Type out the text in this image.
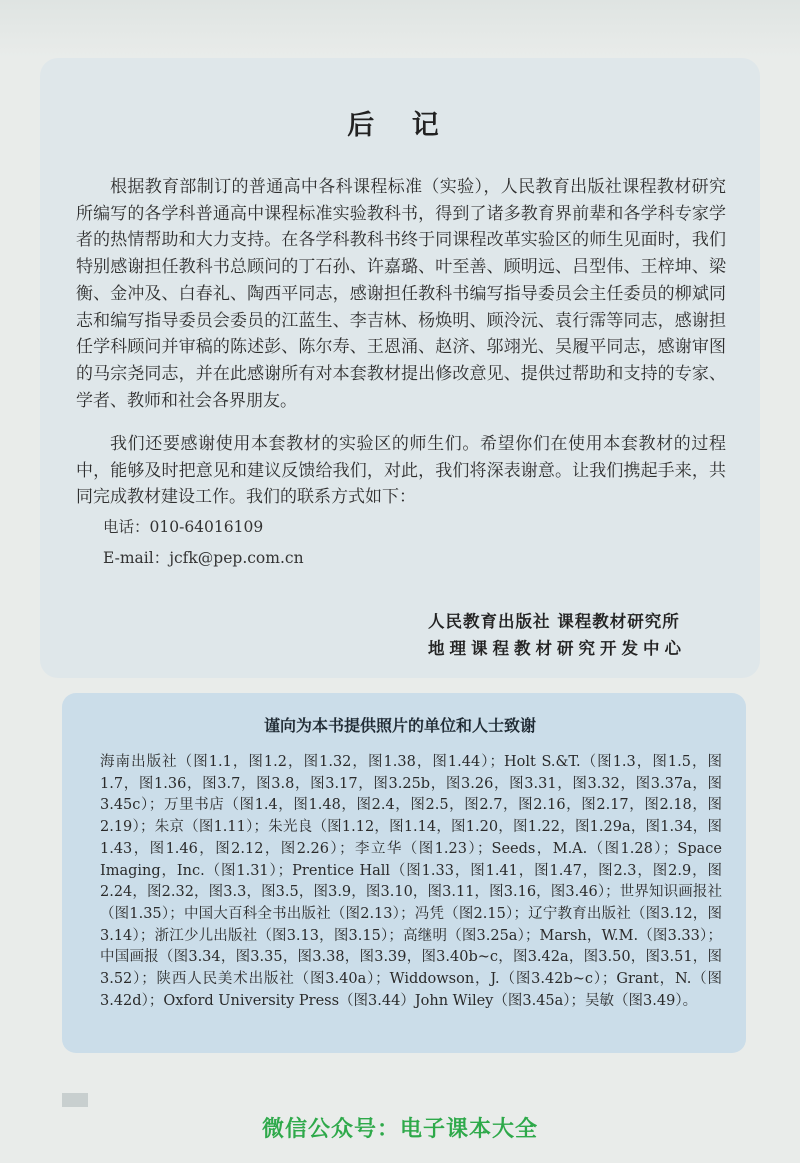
后 记

根据教育部制订的普通高中各科课程标准（实验），人民教育出版社课程教材研究所编写的各学科普通高中课程标准实验教科书，得到了诸多教育界前辈和各学科专家学者的热情帮助和大力支持。在各学科教科书终于同课程改革实验区的师生见面时，我们特别感谢担任教科书总顾问的丁石孙、许嘉璐、叶至善、顾明远、吕型伟、王梓坤、梁衡、金冲及、白春礼、陶西平同志，感谢担任教科书编写指导委员会主任委员的柳斌同志和编写指导委员会委员的江蓝生、李吉林、杨焕明、顾泠沅、袁行霈等同志，感谢担任学科顾问并审稿的陈述彭、陈尔寿、王恩涌、赵济、邬翊光、吴履平同志，感谢审图的马宗尧同志，并在此感谢所有对本套教材提出修改意见、提供过帮助和支持的专家、学者、教师和社会各界朋友。

我们还要感谢使用本套教材的实验区的师生们。希望你们在使用本套教材的过程中，能够及时把意见和建议反馈给我们，对此，我们将深表谢意。让我们携起手来，共同完成教材建设工作。我们的联系方式如下：

电话：010-64016109
E-mail：jcfk@pep.com.cn
人民教育出版社 课程教材研究所
地理课程教材研究开发中心
谨向为本书提供照片的单位和人士致谢

海南出版社（图1.1，图1.2，图1.32，图1.38，图1.44）；Holt S.&T.（图1.3，图1.5，图1.7，图1.36，图3.7，图3.8，图3.17，图3.25b，图3.26，图3.31，图3.32，图3.37a，图3.45c）；万里书店（图1.4，图1.48，图2.4，图2.5，图2.7，图2.16，图2.17，图2.18，图2.19）；朱京（图1.11）；朱光良（图1.12，图1.14，图1.20，图1.22，图1.29a，图1.34，图1.43，图1.46，图2.12，图2.26）；李立华（图1.23）；Seeds，M.A.（图1.28）；Space Imaging，Inc.（图1.31）；Prentice Hall（图1.33，图1.41，图1.47，图2.3，图2.9，图2.24，图2.32，图3.3，图3.5，图3.9，图3.10，图3.11，图3.16，图3.46）；世界知识画报社（图1.35）；中国大百科全书出版社（图2.13）；冯凭（图2.15）；辽宁教育出版社（图3.12，图3.14）；浙江少儿出版社（图3.13，图3.15）；高继明（图3.25a）；Marsh，W.M.（图3.33）；中国画报（图3.34，图3.35，图3.38，图3.39，图3.40b~c，图3.42a，图3.50，图3.51，图3.52）；陕西人民美术出版社（图3.40a）；Widdowson，J.（图3.42b~c）；Grant，N.（图3.42d）；Oxford University Press（图3.44）John Wiley（图3.45a）；吴敏（图3.49）。

微信公众号：电子课本大全
